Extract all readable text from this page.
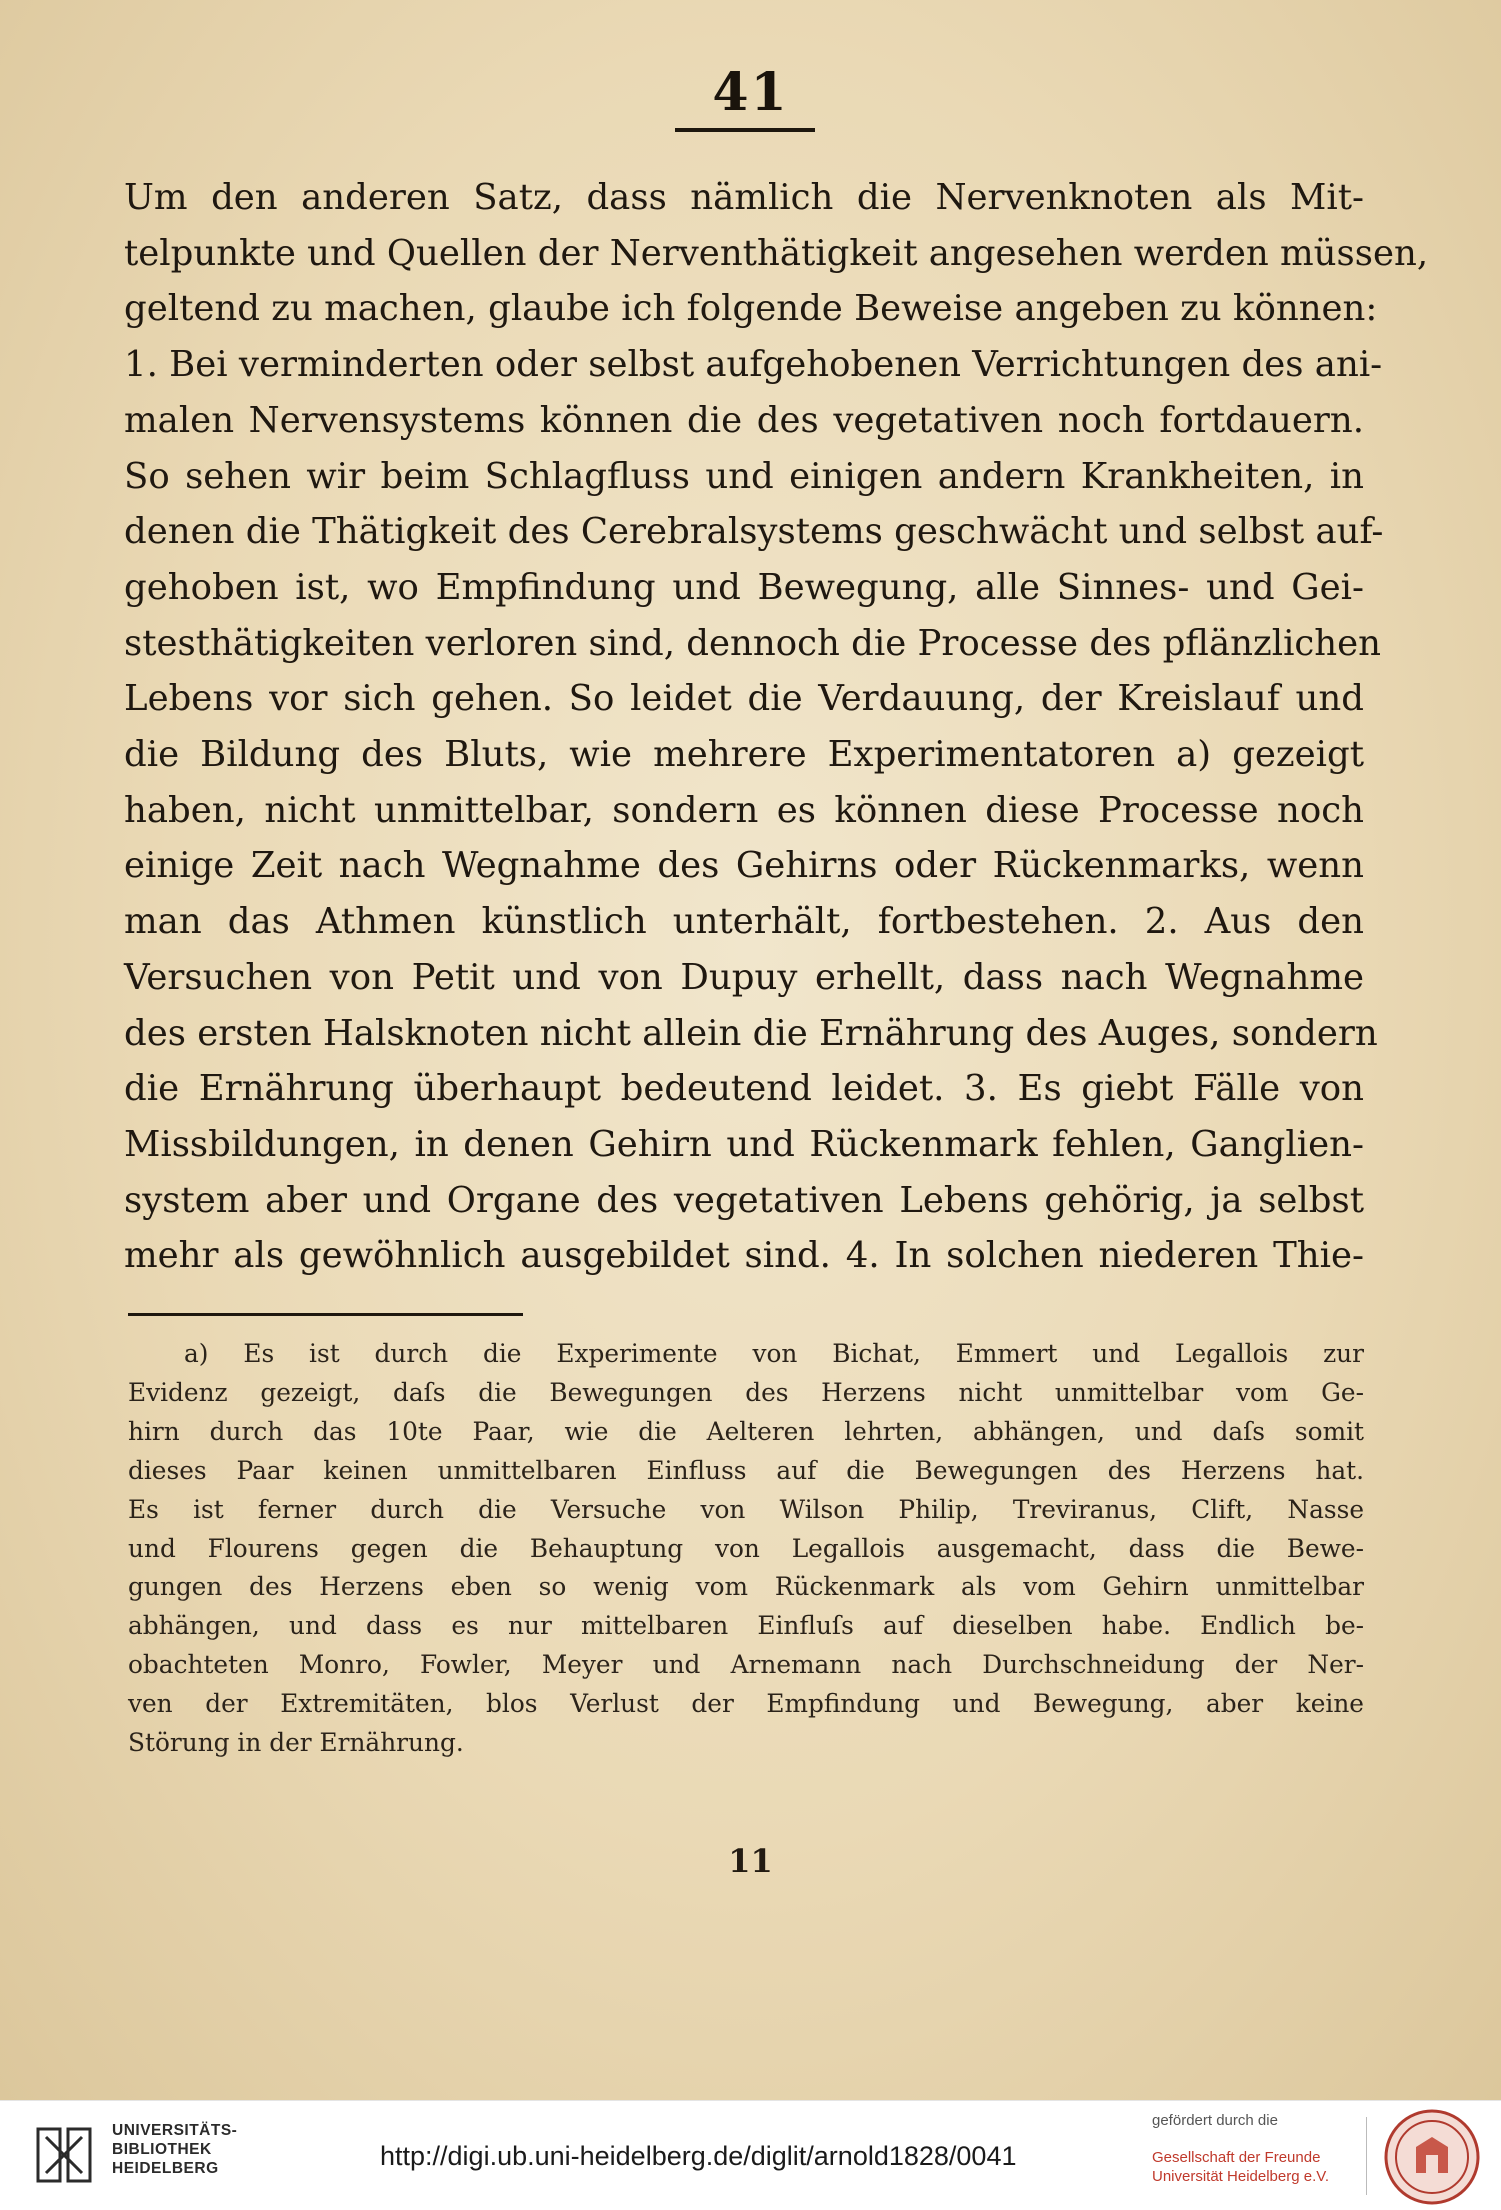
41
Um den anderen Satz, dass nämlich die Nervenknoten als Mit-
telpunkte und Quellen der Nerventhätigkeit angesehen werden müssen,
geltend zu machen, glaube ich folgende Beweise angeben zu können:
1. Bei verminderten oder selbst aufgehobenen Verrichtungen des ani-
malen Nervensystems können die des vegetativen noch fortdauern.
So sehen wir beim Schlagfluss und einigen andern Krankheiten, in
denen die Thätigkeit des Cerebralsystems geschwächt und selbst auf-
gehoben ist, wo Empfindung und Bewegung, alle Sinnes- und Gei-
stesthätigkeiten verloren sind, dennoch die Processe des pflänzlichen
Lebens vor sich gehen. So leidet die Verdauung, der Kreislauf und
die Bildung des Bluts, wie mehrere Experimentatoren a) gezeigt
haben, nicht unmittelbar, sondern es können diese Processe noch
einige Zeit nach Wegnahme des Gehirns oder Rückenmarks, wenn
man das Athmen künstlich unterhält, fortbestehen. 2. Aus den
Versuchen von Petit und von Dupuy erhellt, dass nach Wegnahme
des ersten Halsknoten nicht allein die Ernährung des Auges, sondern
die Ernährung überhaupt bedeutend leidet. 3. Es giebt Fälle von
Missbildungen, in denen Gehirn und Rückenmark fehlen, Ganglien-
system aber und Organe des vegetativen Lebens gehörig, ja selbst
mehr als gewöhnlich ausgebildet sind. 4. In solchen niederen Thie-
a) Es ist durch die Experimente von Bichat, Emmert und Legallois zur
Evidenz gezeigt, daſs die Bewegungen des Herzens nicht unmittelbar vom Ge-
hirn durch das 10te Paar, wie die Aelteren lehrten, abhängen, und daſs somit
dieses Paar keinen unmittelbaren Einfluss auf die Bewegungen des Herzens hat.
Es ist ferner durch die Versuche von Wilson Philip, Treviranus, Clift, Nasse
und Flourens gegen die Behauptung von Legallois ausgemacht, dass die Bewe-
gungen des Herzens eben so wenig vom Rückenmark als vom Gehirn unmittelbar
abhängen, und dass es nur mittelbaren Einfluſs auf dieselben habe. Endlich be-
obachteten Monro, Fowler, Meyer und Arnemann nach Durchschneidung der Ner-
ven der Extremitäten, blos Verlust der Empfindung und Bewegung, aber keine
Störung in der Ernährung.
11
UNIVERSITÄTS-
BIBLIOTHEK
HEIDELBERG	http://digi.ub.uni-heidelberg.de/diglit/arnold1828/0041
gefördert durch die
Gesellschaft der Freunde
Universität Heidelberg e.V.
